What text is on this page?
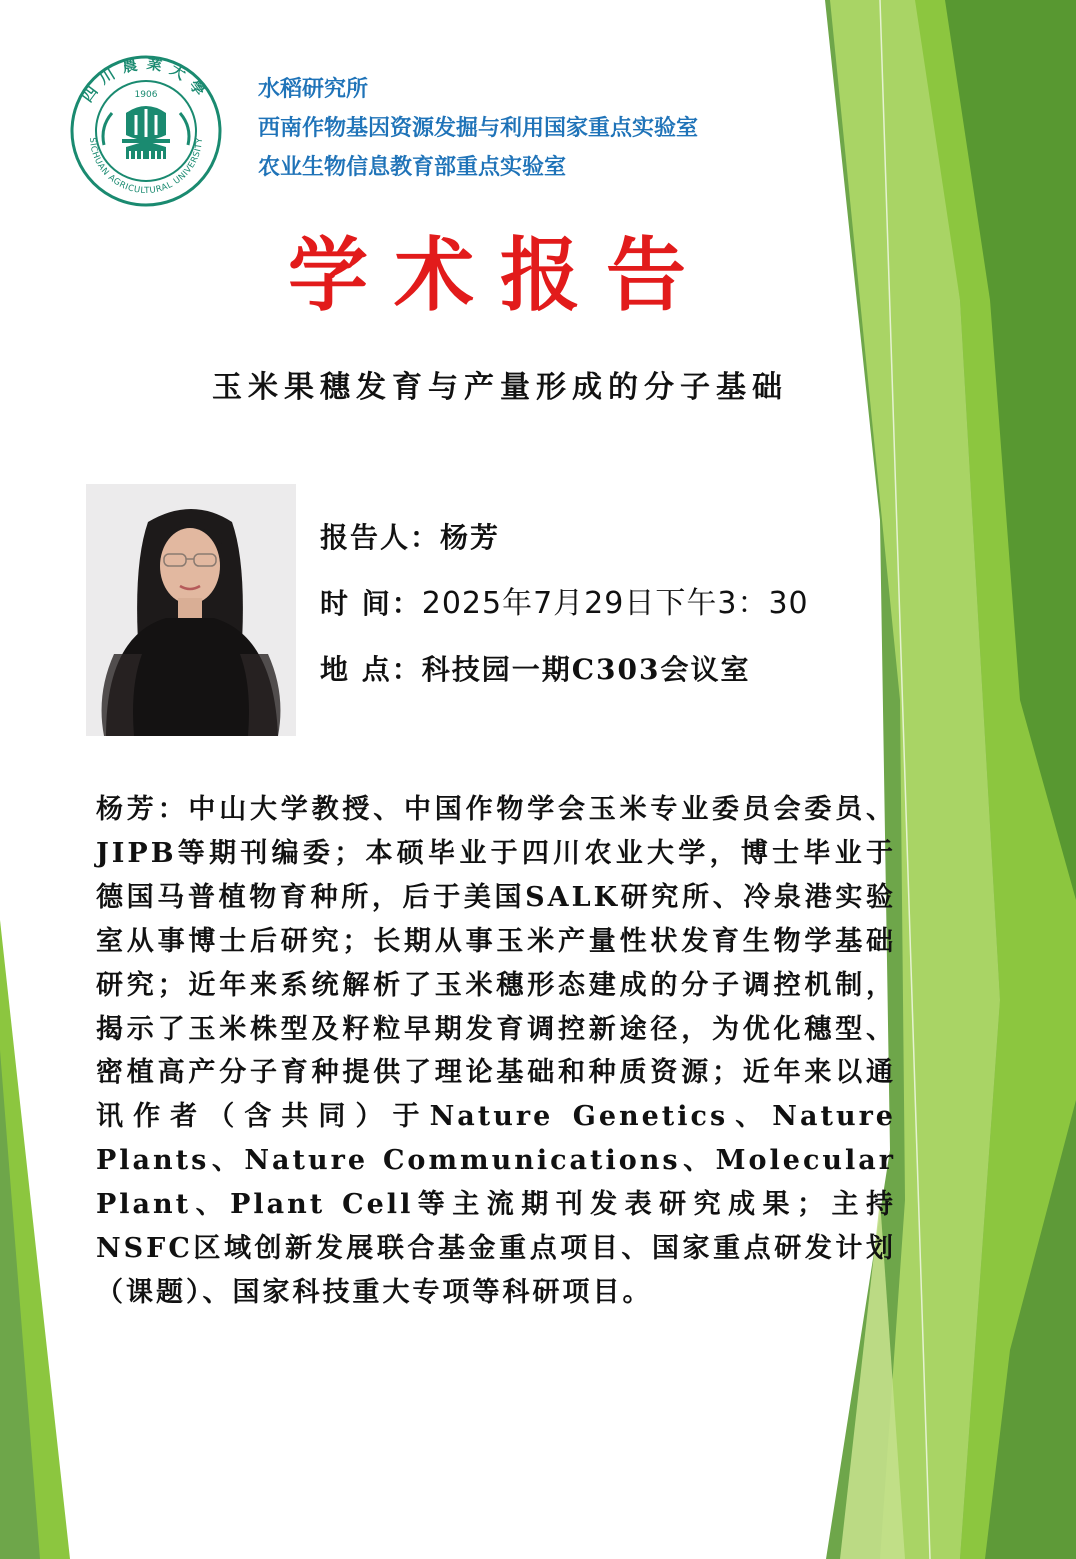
四川農業大學
SICHUAN AGRICULTURAL UNIVERSITY
1906	水稻研究所
西南作物基因资源发掘与利用国家重点实验室
农业生物信息教育部重点实验室
学术报告
玉米果穗发育与产量形成的分子基础
报告人：杨芳
时 间：2025年7月29日下午3：30
地 点：科技园一期C303会议室
杨芳：中山大学教授、中国作物学会玉米专业委员会委员、JIPB等期刊编委；本硕毕业于四川农业大学，博士毕业于德国马普植物育种所，后于美国SALK研究所、冷泉港实验室从事博士后研究；长期从事玉米产量性状发育生物学基础研究；近年来系统解析了玉米穗形态建成的分子调控机制，揭示了玉米株型及籽粒早期发育调控新途径，为优化穗型、密植高产分子育种提供了理论基础和种质资源；近年来以通讯作者（含共同）于Nature Genetics、Nature Plants、Nature Communications、Molecular Plant、Plant Cell等主流期刊发表研究成果；主持NSFC区域创新发展联合基金重点项目、国家重点研发计划（课题）、国家科技重大专项等科研项目。
